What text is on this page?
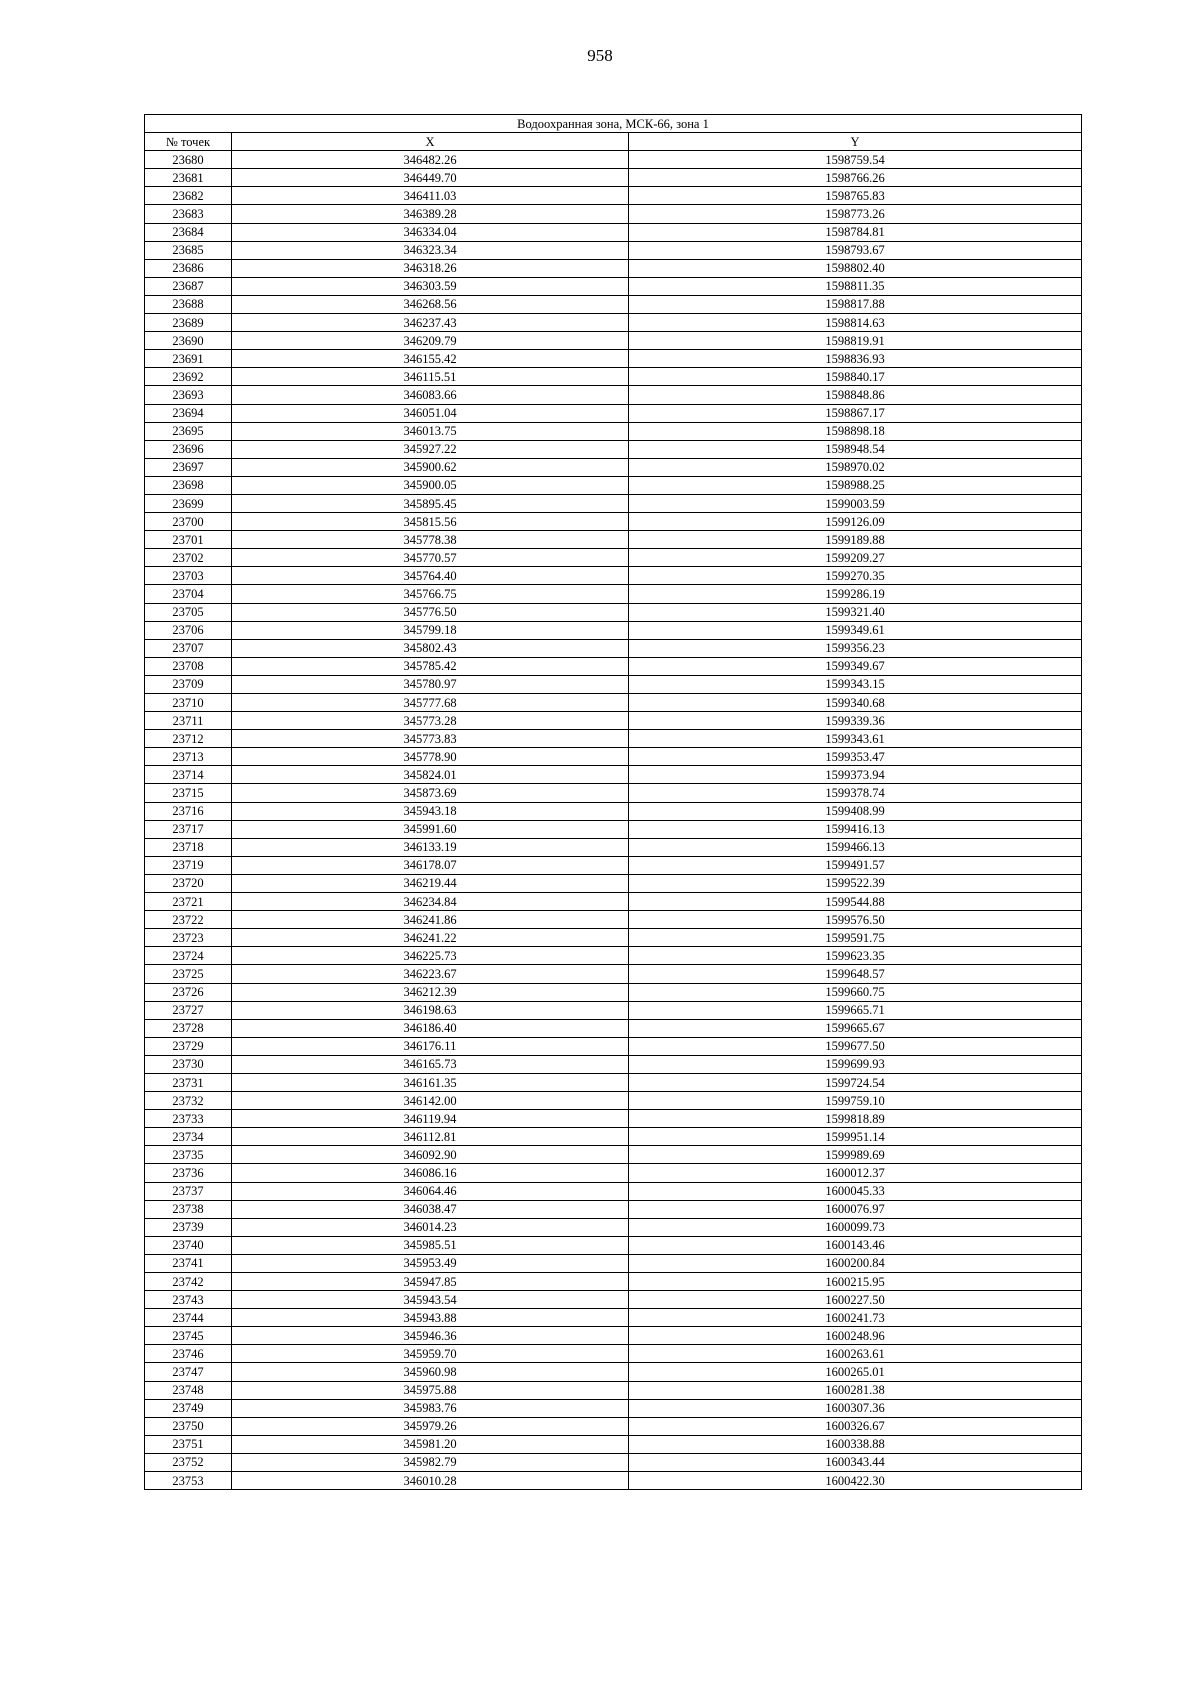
958
Водоохранная зона, МСК-66, зона 1		
№ точек	X	Y
23680	346482.26	1598759.54
23681	346449.70	1598766.26
23682	346411.03	1598765.83
23683	346389.28	1598773.26
23684	346334.04	1598784.81
23685	346323.34	1598793.67
23686	346318.26	1598802.40
23687	346303.59	1598811.35
23688	346268.56	1598817.88
23689	346237.43	1598814.63
23690	346209.79	1598819.91
23691	346155.42	1598836.93
23692	346115.51	1598840.17
23693	346083.66	1598848.86
23694	346051.04	1598867.17
23695	346013.75	1598898.18
23696	345927.22	1598948.54
23697	345900.62	1598970.02
23698	345900.05	1598988.25
23699	345895.45	1599003.59
23700	345815.56	1599126.09
23701	345778.38	1599189.88
23702	345770.57	1599209.27
23703	345764.40	1599270.35
23704	345766.75	1599286.19
23705	345776.50	1599321.40
23706	345799.18	1599349.61
23707	345802.43	1599356.23
23708	345785.42	1599349.67
23709	345780.97	1599343.15
23710	345777.68	1599340.68
23711	345773.28	1599339.36
23712	345773.83	1599343.61
23713	345778.90	1599353.47
23714	345824.01	1599373.94
23715	345873.69	1599378.74
23716	345943.18	1599408.99
23717	345991.60	1599416.13
23718	346133.19	1599466.13
23719	346178.07	1599491.57
23720	346219.44	1599522.39
23721	346234.84	1599544.88
23722	346241.86	1599576.50
23723	346241.22	1599591.75
23724	346225.73	1599623.35
23725	346223.67	1599648.57
23726	346212.39	1599660.75
23727	346198.63	1599665.71
23728	346186.40	1599665.67
23729	346176.11	1599677.50
23730	346165.73	1599699.93
23731	346161.35	1599724.54
23732	346142.00	1599759.10
23733	346119.94	1599818.89
23734	346112.81	1599951.14
23735	346092.90	1599989.69
23736	346086.16	1600012.37
23737	346064.46	1600045.33
23738	346038.47	1600076.97
23739	346014.23	1600099.73
23740	345985.51	1600143.46
23741	345953.49	1600200.84
23742	345947.85	1600215.95
23743	345943.54	1600227.50
23744	345943.88	1600241.73
23745	345946.36	1600248.96
23746	345959.70	1600263.61
23747	345960.98	1600265.01
23748	345975.88	1600281.38
23749	345983.76	1600307.36
23750	345979.26	1600326.67
23751	345981.20	1600338.88
23752	345982.79	1600343.44
23753	346010.28	1600422.30
